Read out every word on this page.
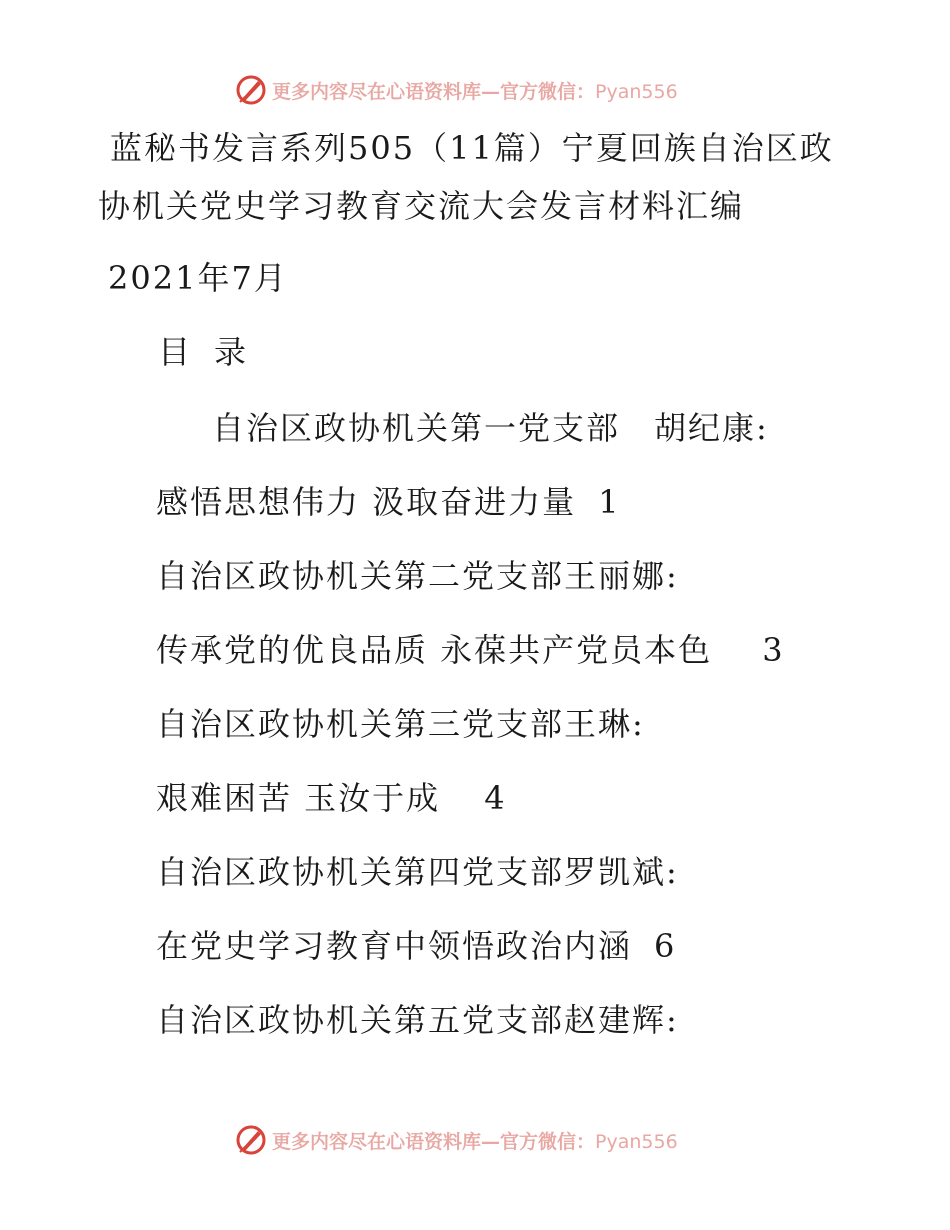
更多内容尽在心语资料库—官方微信：Pyan556
蓝秘书发言系列505（11篇）宁夏回族自治区政
协机关党史学习教育交流大会发言材料汇编
2021年7月
目 录
自治区政协机关第一党支部　胡纪康:
感悟思想伟力 汲取奋进力量 1
自治区政协机关第二党支部王丽娜:
传承党的优良品质 永葆共产党员本色 3
自治区政协机关第三党支部王琳:
艰难困苦 玉汝于成 4
自治区政协机关第四党支部罗凯斌:
在党史学习教育中领悟政治内涵 6
自治区政协机关第五党支部赵建辉:
更多内容尽在心语资料库—官方微信：Pyan556
